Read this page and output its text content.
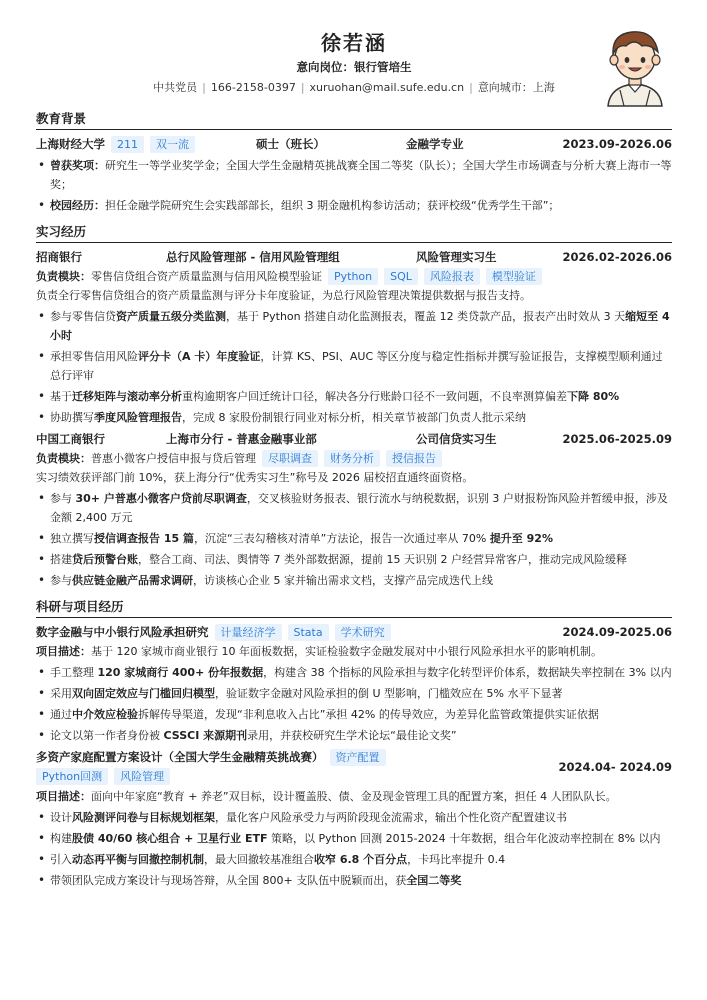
徐若涵
意向岗位：银行管培生
中共党员 | 166-2158-0397 | xuruohan@mail.sufe.edu.cn | 意向城市：上海
教育背景
上海财经大学	211	双一流	硕士（班长）	金融学专业	2023.09-2026.06
• 曾获奖项：研究生一等学业奖学金；全国大学生金融精英挑战赛全国二等奖（队长）；全国大学生市场调查与分析大赛上海市一等奖；
• 校园经历：担任金融学院研究生会实践部部长，组织 3 期金融机构参访活动；获评校级“优秀学生干部”；
实习经历
招商银行	总行风险管理部 - 信用风险管理组	风险管理实习生	2026.02-2026.06
负责模块：零售信贷组合资产质量监测与信用风险模型验证 Python SQL 风险报表 模型验证
负责全行零售信贷组合的资产质量监测与评分卡年度验证，为总行风险管理决策提供数据与报告支持。
• 参与零售信贷资产质量五级分类监测，基于 Python 搭建自动化监测报表，覆盖 12 类贷款产品，报表产出时效从 3 天缩短至 4 小时
• 承担零售信用风险评分卡（A 卡）年度验证，计算 KS、PSI、AUC 等区分度与稳定性指标并撰写验证报告，支撑模型顺利通过总行评审
• 基于迁移矩阵与滚动率分析重构逾期客户回迁统计口径，解决各分行账龄口径不一致问题，不良率测算偏差下降 80%
• 协助撰写季度风险管理报告，完成 8 家股份制银行同业对标分析，相关章节被部门负责人批示采纳
中国工商银行	上海市分行 - 普惠金融事业部	公司信贷实习生	2025.06-2025.09
负责模块：普惠小微客户授信申报与贷后管理 尽职调查 财务分析 授信报告
实习绩效获评部门前 10%，获上海分行“优秀实习生”称号及 2026 届校招直通终面资格。
• 参与 30+ 户普惠小微客户贷前尽职调查，交叉核验财务报表、银行流水与纳税数据，识别 3 户财报粉饰风险并暂缓申报，涉及金额 2,400 万元
• 独立撰写授信调查报告 15 篇，沉淀“三表勾稽核对清单”方法论，报告一次通过率从 70% 提升至 92%
• 搭建贷后预警台账，整合工商、司法、舆情等 7 类外部数据源，提前 15 天识别 2 户经营异常客户，推动完成风险缓释
• 参与供应链金融产品需求调研，访谈核心企业 5 家并输出需求文档，支撑产品完成迭代上线
科研与项目经历
数字金融与中小银行风险承担研究 计量经济学 Stata 学术研究	2024.09-2025.06
项目描述：基于 120 家城市商业银行 10 年面板数据，实证检验数字金融发展对中小银行风险承担水平的影响机制。
• 手工整理 120 家城商行 400+ 份年报数据，构建含 38 个指标的风险承担与数字化转型评价体系，数据缺失率控制在 3% 以内
• 采用双向固定效应与门槛回归模型，验证数字金融对风险承担的倒 U 型影响，门槛效应在 5% 水平下显著
• 通过中介效应检验拆解传导渠道，发现“非利息收入占比”承担 42% 的传导效应，为差异化监管政策提供实证依据
• 论文以第一作者身份被 CSSCI 来源期刊录用，并获校研究生学术论坛“最佳论文奖”
多资产家庭配置方案设计（全国大学生金融精英挑战赛） 资产配置
Python回测 风险管理
2024.04- 2024.09
项目描述：面向中年家庭“教育 + 养老”双目标，设计覆盖股、债、金及现金管理工具的配置方案，担任 4 人团队队长。
• 设计风险测评问卷与目标规划框架，量化客户风险承受力与两阶段现金流需求，输出个性化资产配置建议书
• 构建股债 40/60 核心组合 + 卫星行业 ETF 策略，以 Python 回测 2015-2024 十年数据，组合年化波动率控制在 8% 以内
• 引入动态再平衡与回撤控制机制，最大回撤较基准组合收窄 6.8 个百分点，卡玛比率提升 0.4
• 带领团队完成方案设计与现场答辩，从全国 800+ 支队伍中脱颖而出，获全国二等奖
